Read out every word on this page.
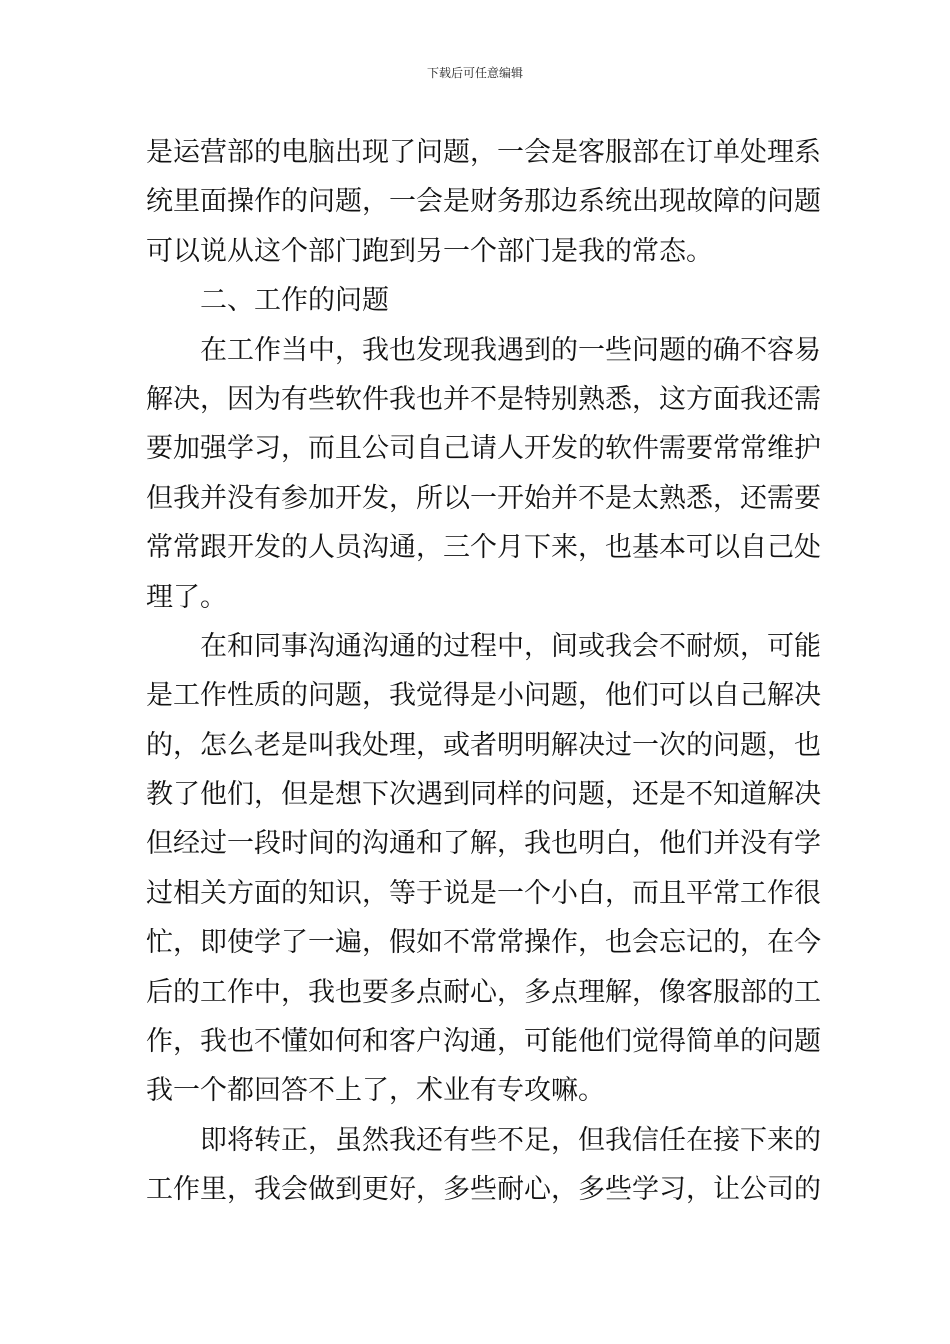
下载后可任意编辑
是运营部的电脑出现了问题，一会是客服部在订单处理系
统里面操作的问题，一会是财务那边系统出现故障的问题
可以说从这个部门跑到另一个部门是我的常态。
二、工作的问题
在工作当中，我也发现我遇到的一些问题的确不容易
解决，因为有些软件我也并不是特别熟悉，这方面我还需
要加强学习，而且公司自己请人开发的软件需要常常维护
但我并没有参加开发，所以一开始并不是太熟悉，还需要
常常跟开发的人员沟通，三个月下来，也基本可以自己处
理了。
在和同事沟通沟通的过程中，间或我会不耐烦，可能
是工作性质的问题，我觉得是小问题，他们可以自己解决
的，怎么老是叫我处理，或者明明解决过一次的问题，也
教了他们，但是想下次遇到同样的问题，还是不知道解决
但经过一段时间的沟通和了解，我也明白，他们并没有学
过相关方面的知识，等于说是一个小白，而且平常工作很
忙，即使学了一遍，假如不常常操作，也会忘记的，在今
后的工作中，我也要多点耐心，多点理解，像客服部的工
作，我也不懂如何和客户沟通，可能他们觉得简单的问题
我一个都回答不上了，术业有专攻嘛。
即将转正，虽然我还有些不足，但我信任在接下来的
工作里，我会做到更好，多些耐心，多些学习，让公司的
